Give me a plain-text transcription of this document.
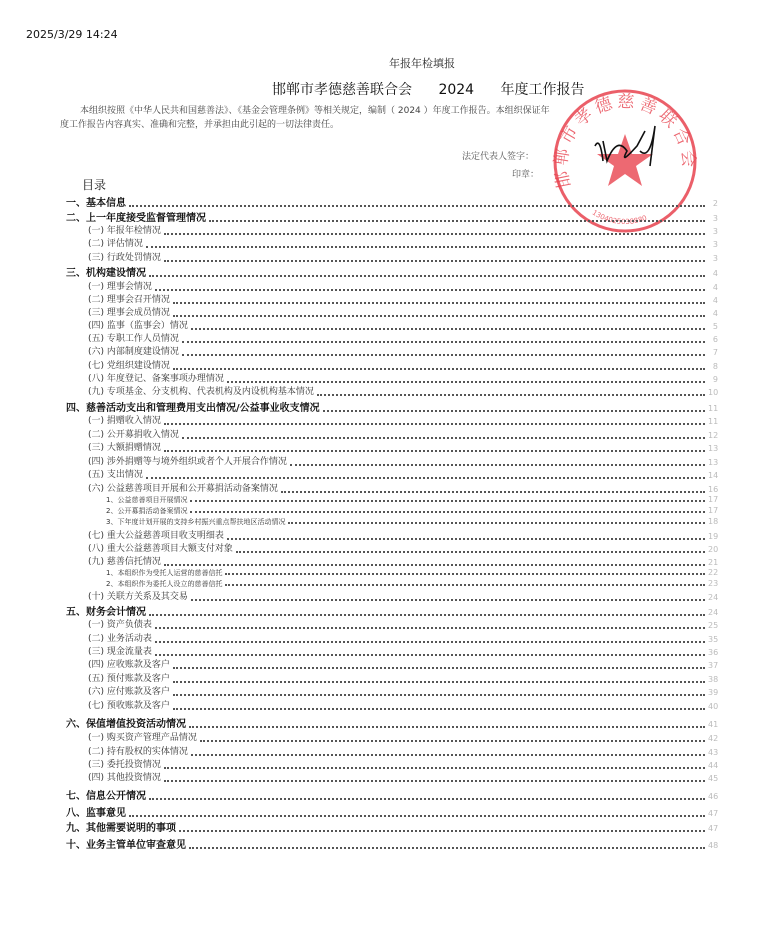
2025/3/29 14:24
年报年检填报
邯郸市孝德慈善联合会 2024 年度工作报告
本组织按照《中华人民共和国慈善法》、《基金会管理条例》等相关规定，编制（ 2024 ）年度工作报告。本组织保证年度工作报告内容真实、准确和完整，并承担由此引起的一切法律责任。
法定代表人签字：
印章： 邯郸市孝德慈善联合会
1304025038880
目录
一、基本信息	2
二、上一年度接受监督管理情况	3
(一) 年报年检情况	3
(二) 评估情况	3
(三) 行政处罚情况	3
三、机构建设情况	4
(一) 理事会情况	4
(二) 理事会召开情况	4
(三) 理事会成员情况	4
(四) 监事（监事会）情况	5
(五) 专职工作人员情况	6
(六) 内部制度建设情况	7
(七) 党组织建设情况	8
(八) 年度登记、备案事项办理情况	9
(九) 专项基金、分支机构、代表机构及内设机构基本情况	10
四、慈善活动支出和管理费用支出情况/公益事业收支情况	11
(一) 捐赠收入情况	11
(二) 公开募捐收入情况	12
(三) 大额捐赠情况	13
(四) 涉外捐赠等与境外组织或者个人开展合作情况	13
(五) 支出情况	14
(六) 公益慈善项目开展和公开募捐活动备案情况	16
1、公益慈善项目开展情况	17
2、公开募捐活动备案情况	17
3、下年度计划开展的支持乡村振兴重点帮扶地区活动情况	18
(七) 重大公益慈善项目收支明细表	19
(八) 重大公益慈善项目大额支付对象	20
(九) 慈善信托情况	21
1、本组织作为受托人运营的慈善信托	22
2、本组织作为委托人设立的慈善信托	23
(十) 关联方关系及其交易	24
五、财务会计情况	24
(一) 资产负债表	25
(二) 业务活动表	35
(三) 现金流量表	36
(四) 应收账款及客户	37
(五) 预付账款及客户	38
(六) 应付账款及客户	39
(七) 预收账款及客户	40
六、保值增值投资活动情况	41
(一) 购买资产管理产品情况	42
(二) 持有股权的实体情况	43
(三) 委托投资情况	44
(四) 其他投资情况	45
七、信息公开情况	46
八、监事意见	47
九、其他需要说明的事项	47
十、业务主管单位审查意见	48
